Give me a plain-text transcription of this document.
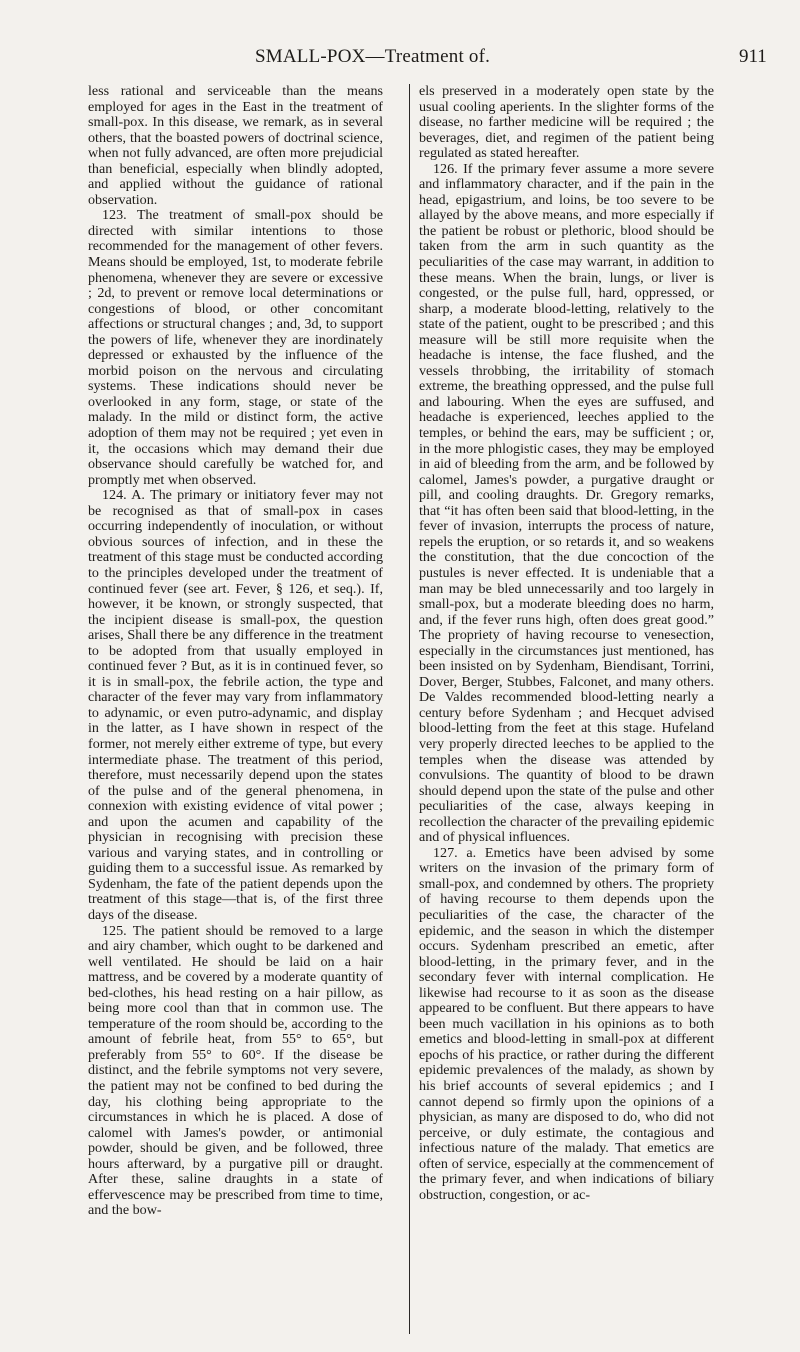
SMALL-POX—Treatment of.	911

less rational and serviceable than the means employed for ages in the East in the treatment of small-pox. In this disease, we remark, as in several others, that the boasted powers of doctrinal science, when not fully advanced, are often more prejudicial than beneficial, especially when blindly adopted, and applied without the guidance of rational observation.

123. The treatment of small-pox should be directed with similar intentions to those recommended for the management of other fevers. Means should be employed, 1st, to moderate febrile phenomena, whenever they are severe or excessive ; 2d, to prevent or remove local determinations or congestions of blood, or other concomitant affections or structural changes ; and, 3d, to support the powers of life, whenever they are inordinately depressed or exhausted by the influence of the morbid poison on the nervous and circulating systems. These indications should never be overlooked in any form, stage, or state of the malady. In the mild or distinct form, the active adoption of them may not be required ; yet even in it, the occasions which may demand their due observance should carefully be watched for, and promptly met when observed.

124. A. The primary or initiatory fever may not be recognised as that of small-pox in cases occurring independently of inoculation, or without obvious sources of infection, and in these the treatment of this stage must be conducted according to the principles developed under the treatment of continued fever (see art. Fever, § 126, et seq.). If, however, it be known, or strongly suspected, that the incipient disease is small-pox, the question arises, Shall there be any difference in the treatment to be adopted from that usually employed in continued fever ? But, as it is in continued fever, so it is in small-pox, the febrile action, the type and character of the fever may vary from inflammatory to adynamic, or even putro-adynamic, and display in the latter, as I have shown in respect of the former, not merely either extreme of type, but every intermediate phase. The treatment of this period, therefore, must necessarily depend upon the states of the pulse and of the general phenomena, in connexion with existing evidence of vital power ; and upon the acumen and capability of the physician in recognising with precision these various and varying states, and in controlling or guiding them to a successful issue. As remarked by Sydenham, the fate of the patient depends upon the treatment of this stage—that is, of the first three days of the disease.

125. The patient should be removed to a large and airy chamber, which ought to be darkened and well ventilated. He should be laid on a hair mattress, and be covered by a moderate quantity of bed-clothes, his head resting on a hair pillow, as being more cool than that in common use. The temperature of the room should be, according to the amount of febrile heat, from 55° to 65°, but preferably from 55° to 60°. If the disease be distinct, and the febrile symptoms not very severe, the patient may not be confined to bed during the day, his clothing being appropriate to the circumstances in which he is placed. A dose of calomel with James's powder, or antimonial powder, should be given, and be followed, three hours afterward, by a purgative pill or draught. After these, saline draughts in a state of effervescence may be prescribed from time to time, and the bow-

els preserved in a moderately open state by the usual cooling aperients. In the slighter forms of the disease, no farther medicine will be required ; the beverages, diet, and regimen of the patient being regulated as stated hereafter.

126. If the primary fever assume a more severe and inflammatory character, and if the pain in the head, epigastrium, and loins, be too severe to be allayed by the above means, and more especially if the patient be robust or plethoric, blood should be taken from the arm in such quantity as the peculiarities of the case may warrant, in addition to these means. When the brain, lungs, or liver is congested, or the pulse full, hard, oppressed, or sharp, a moderate blood-letting, relatively to the state of the patient, ought to be prescribed ; and this measure will be still more requisite when the headache is intense, the face flushed, and the vessels throbbing, the irritability of stomach extreme, the breathing oppressed, and the pulse full and labouring. When the eyes are suffused, and headache is experienced, leeches applied to the temples, or behind the ears, may be sufficient ; or, in the more phlogistic cases, they may be employed in aid of bleeding from the arm, and be followed by calomel, James's powder, a purgative draught or pill, and cooling draughts. Dr. Gregory remarks, that “it has often been said that blood-letting, in the fever of invasion, interrupts the process of nature, repels the eruption, or so retards it, and so weakens the constitution, that the due concoction of the pustules is never effected. It is undeniable that a man may be bled unnecessarily and too largely in small-pox, but a moderate bleeding does no harm, and, if the fever runs high, often does great good.” The propriety of having recourse to venesection, especially in the circumstances just mentioned, has been insisted on by Sydenham, Biendisant, Torrini, Dover, Berger, Stubbes, Falconet, and many others. De Valdes recommended blood-letting nearly a century before Sydenham ; and Hecquet advised blood-letting from the feet at this stage. Hufeland very properly directed leeches to be applied to the temples when the disease was attended by convulsions. The quantity of blood to be drawn should depend upon the state of the pulse and other peculiarities of the case, always keeping in recollection the character of the prevailing epidemic and of physical influences.

127. a. Emetics have been advised by some writers on the invasion of the primary form of small-pox, and condemned by others. The propriety of having recourse to them depends upon the peculiarities of the case, the character of the epidemic, and the season in which the distemper occurs. Sydenham prescribed an emetic, after blood-letting, in the primary fever, and in the secondary fever with internal complication. He likewise had recourse to it as soon as the disease appeared to be confluent. But there appears to have been much vacillation in his opinions as to both emetics and blood-letting in small-pox at different epochs of his practice, or rather during the different epidemic prevalences of the malady, as shown by his brief accounts of several epidemics ; and I cannot depend so firmly upon the opinions of a physician, as many are disposed to do, who did not perceive, or duly estimate, the contagious and infectious nature of the malady. That emetics are often of service, especially at the commencement of the primary fever, and when indications of biliary obstruction, congestion, or ac-
